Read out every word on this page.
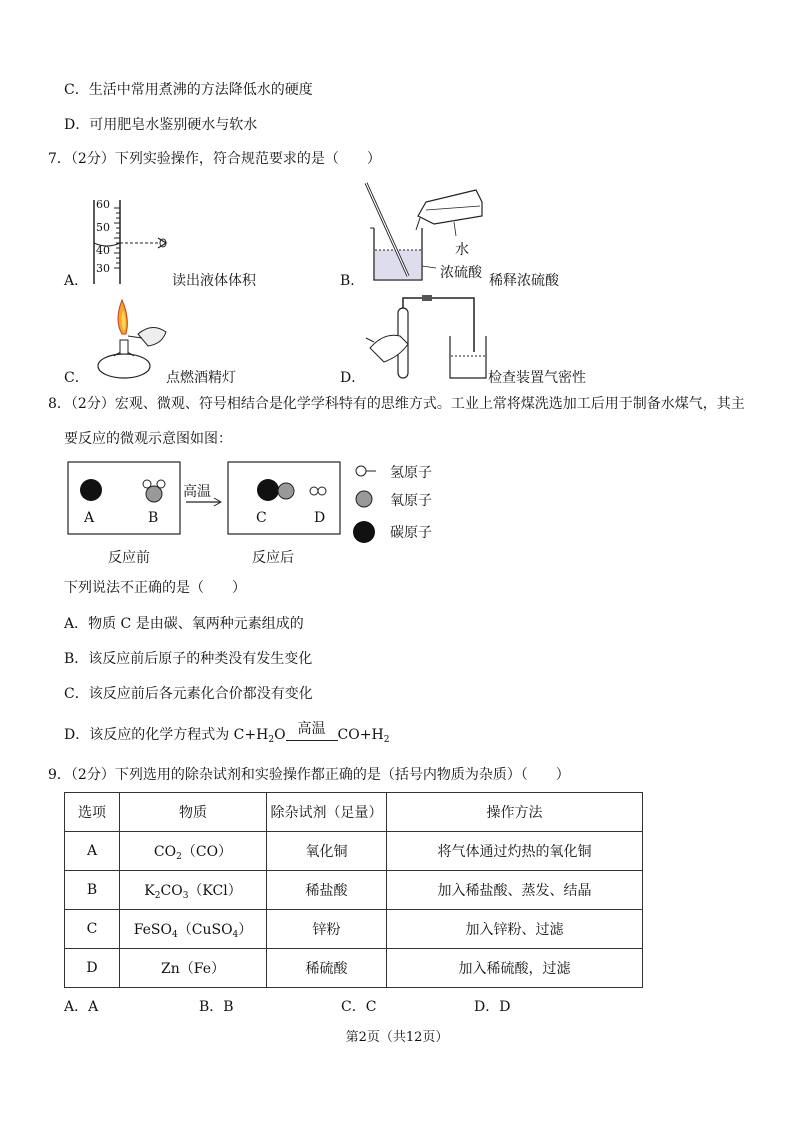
C．生活中常用煮沸的方法降低水的硬度
D．可用肥皂水鉴别硬水与软水
7．（2分）下列实验操作，符合规范要求的是（　　）
A．
60
50
40
30
读出液体体积	B．
水
浓硫酸 稀释浓硫酸
C．	点燃酒精灯	D．	检查装置气密性
8．（2分）宏观、微观、符号相结合是化学学科特有的思维方式。工业上常将煤洗选加工后用于制备水煤气，其主
要反应的微观示意图如图：
A	B	C	D
高温
氢原子
氧原子
碳原子
反应前	反应后
下列说法不正确的是（　　）
A．物质 C 是由碳、氧两种元素组成的
B．该反应前后原子的种类没有发生变化
C．该反应前后各元素化合价都没有变化
D．该反应的化学方程式为 $C+H_2O$ 高温 $CO+H_2$
9．（2分）下列选用的除杂试剂和实验操作都正确的是（括号内物质为杂质）（　　）
选项	物质	除杂试剂（足量）	操作方法
A	$CO_2(CO)$	氧化铜	将气体通过灼热的氧化铜
B	$K_2CO_3(KCl)$	稀盐酸	加入稀盐酸、蒸发、结晶
C	FeSO$_4$（CuSO$_4$）	锌粉	加入锌粉、过滤
D	Zn（Fe）	稀硫酸	加入稀硫酸，过滤
A．A	B．B	C．C	D．D
第2页（共12页）
